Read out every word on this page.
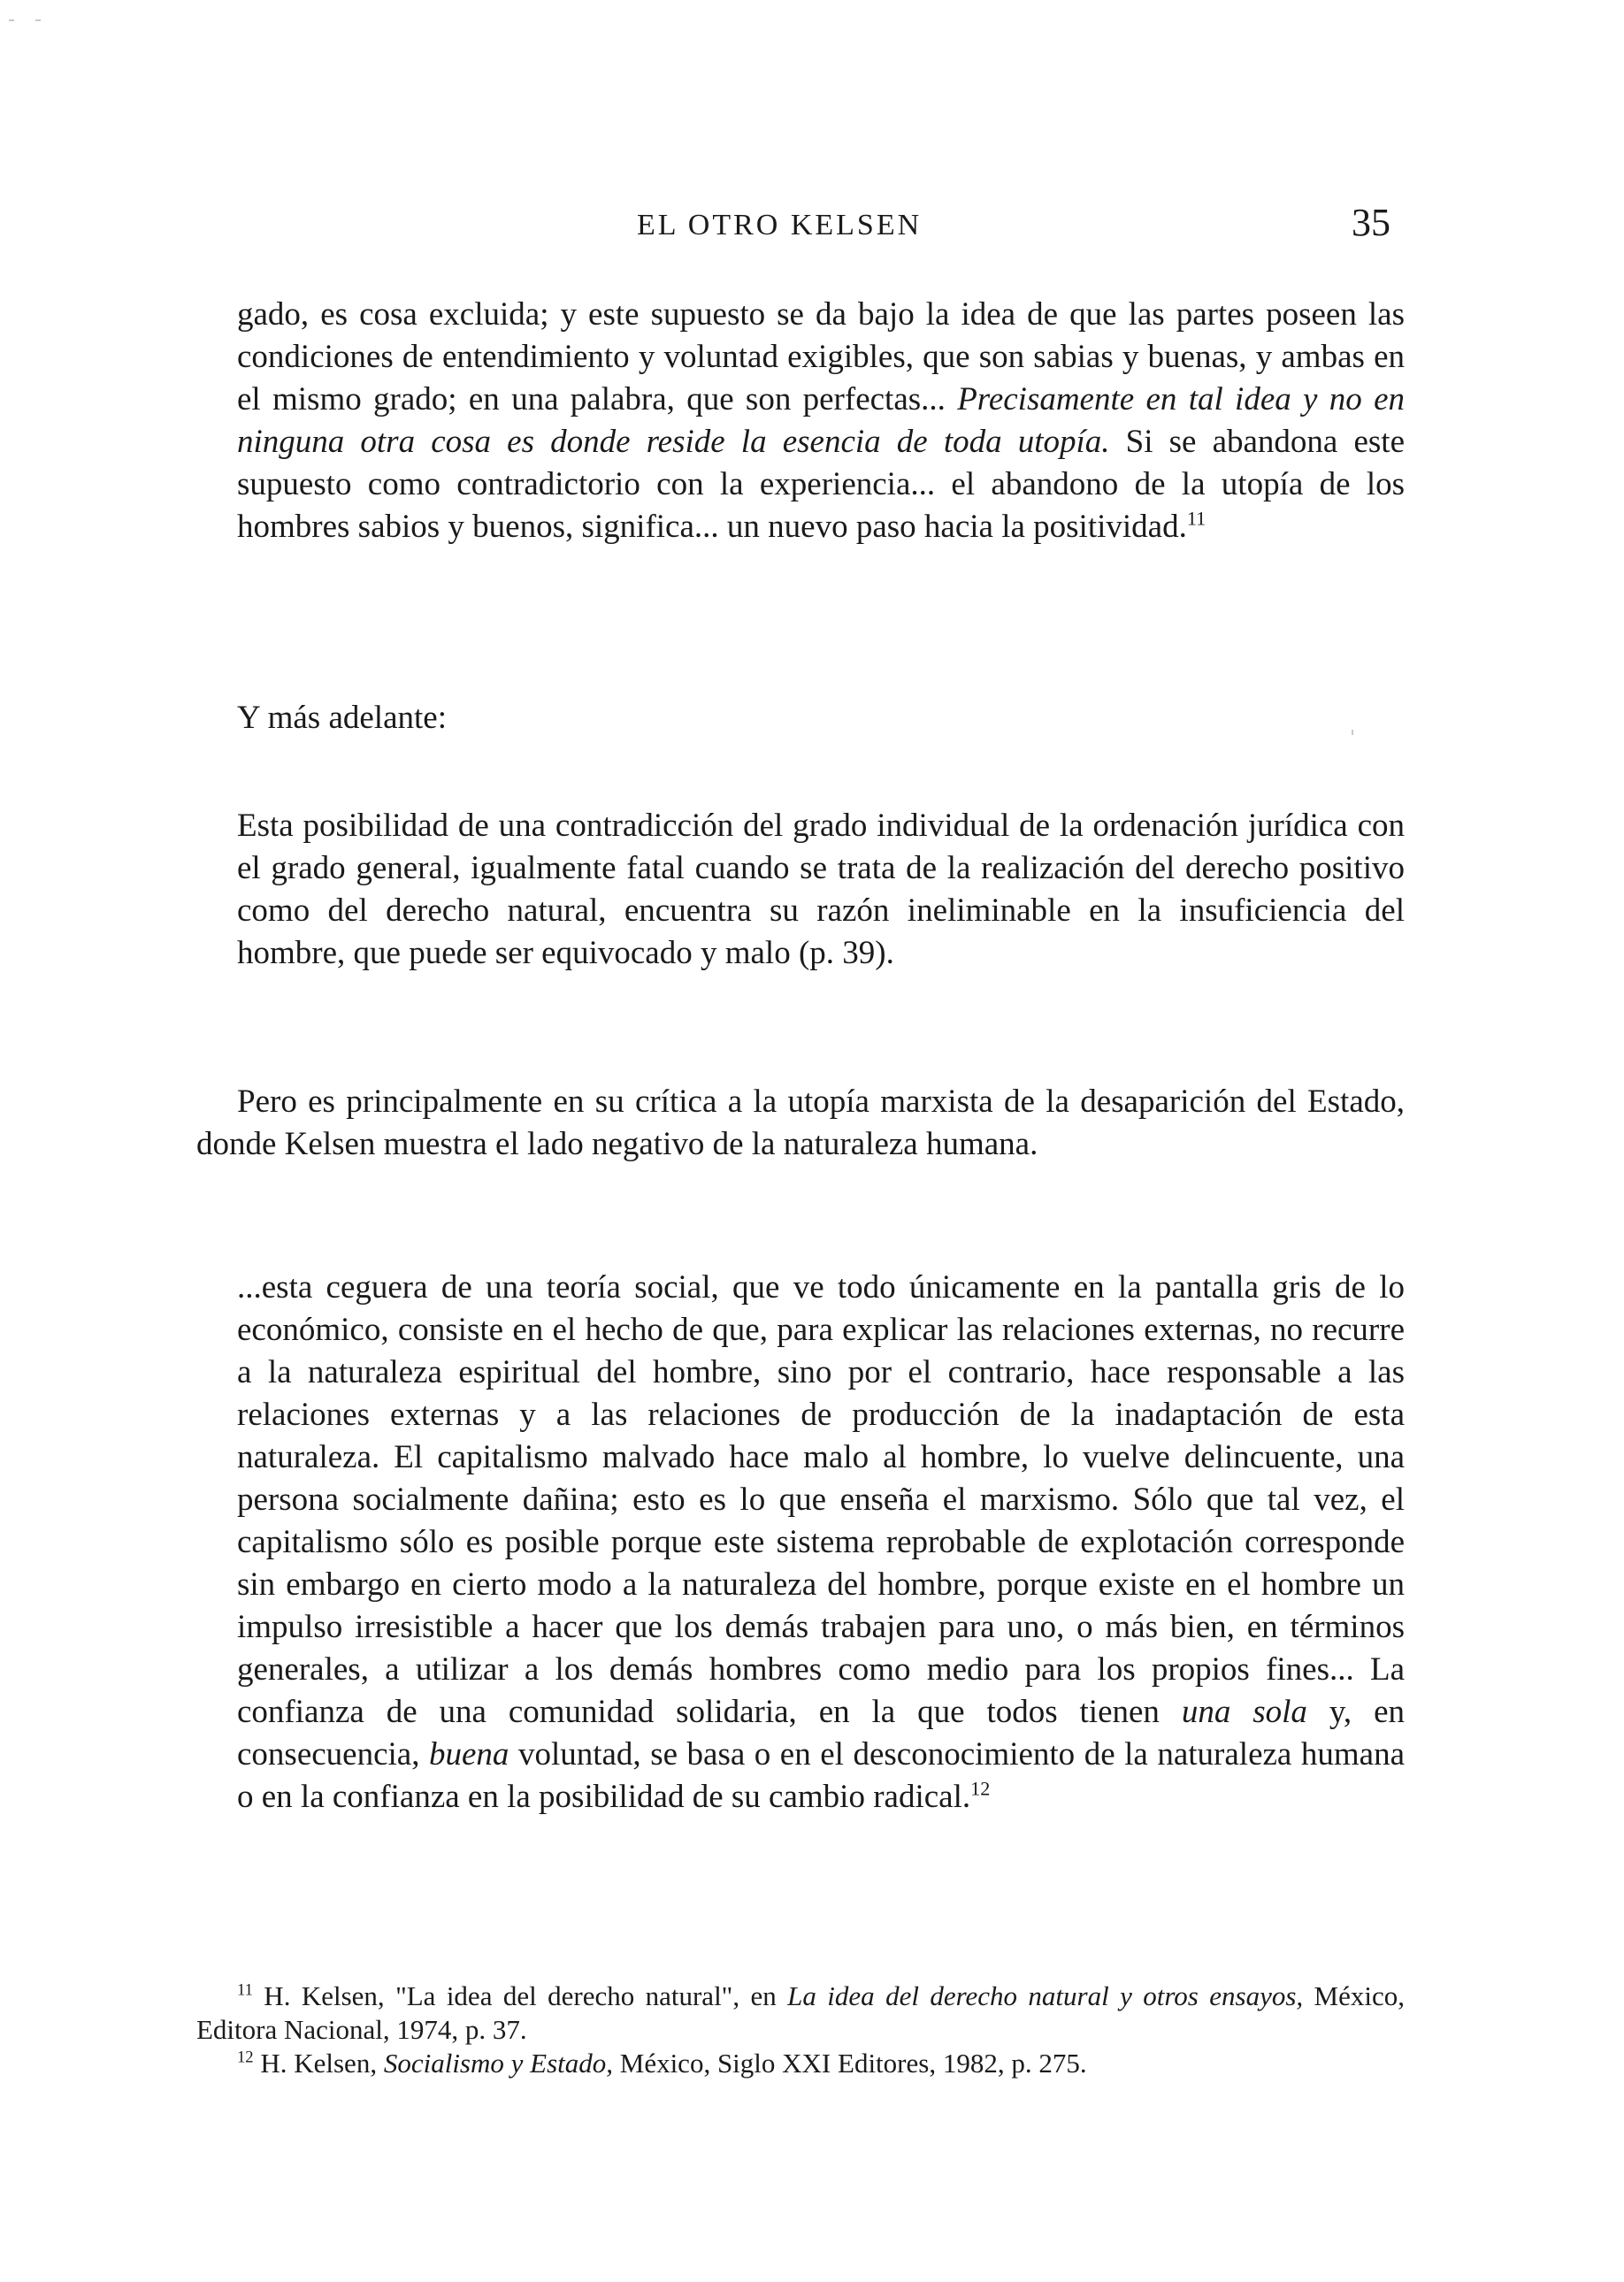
EL OTRO KELSEN	35

gado, es cosa excluida; y este supuesto se da bajo la idea de que las partes poseen las condiciones de entendimiento y voluntad exigibles, que son sabias y buenas, y ambas en el mismo grado; en una palabra, que son perfectas... Precisamente en tal idea y no en ninguna otra cosa es donde reside la esencia de toda utopía. Si se abandona este supuesto como contradictorio con la experiencia... el abandono de la utopía de los hombres sabios y buenos, significa... un nuevo paso hacia la positividad.$^{11}$

Y más adelante:

Esta posibilidad de una contradicción del grado individual de la ordenación jurídica con el grado general, igualmente fatal cuando se trata de la realización del derecho positivo como del derecho natural, encuentra su razón ineliminable en la insuficiencia del hombre, que puede ser equivocado y malo (p. 39).

Pero es principalmente en su crítica a la utopía marxista de la desaparición del Estado, donde Kelsen muestra el lado negativo de la naturaleza humana.

...esta ceguera de una teoría social, que ve todo únicamente en la pantalla gris de lo económico, consiste en el hecho de que, para explicar las relaciones externas, no recurre a la naturaleza espiritual del hombre, sino por el contrario, hace responsable a las relaciones externas y a las relaciones de producción de la inadaptación de esta naturaleza. El capitalismo malvado hace malo al hombre, lo vuelve delincuente, una persona socialmente dañina; esto es lo que enseña el marxismo. Sólo que tal vez, el capitalismo sólo es posible porque este sistema reprobable de explotación corresponde sin embargo en cierto modo a la naturaleza del hombre, porque existe en el hombre un impulso irresistible a hacer que los demás trabajen para uno, o más bien, en términos generales, a utilizar a los demás hombres como medio para los propios fines... La confianza de una comunidad solidaria, en la que todos tienen una sola y, en consecuencia, buena voluntad, se basa o en el desconocimiento de la naturaleza humana o en la confianza en la posibilidad de su cambio radical.$^{12}$

$^{11}$ H. Kelsen, "La idea del derecho natural", en La idea del derecho natural y otros ensayos, México, Editora Nacional, 1974, p. 37.

$^{12}$ H. Kelsen, Socialismo y Estado, México, Siglo XXI Editores, 1982, p. 275.
